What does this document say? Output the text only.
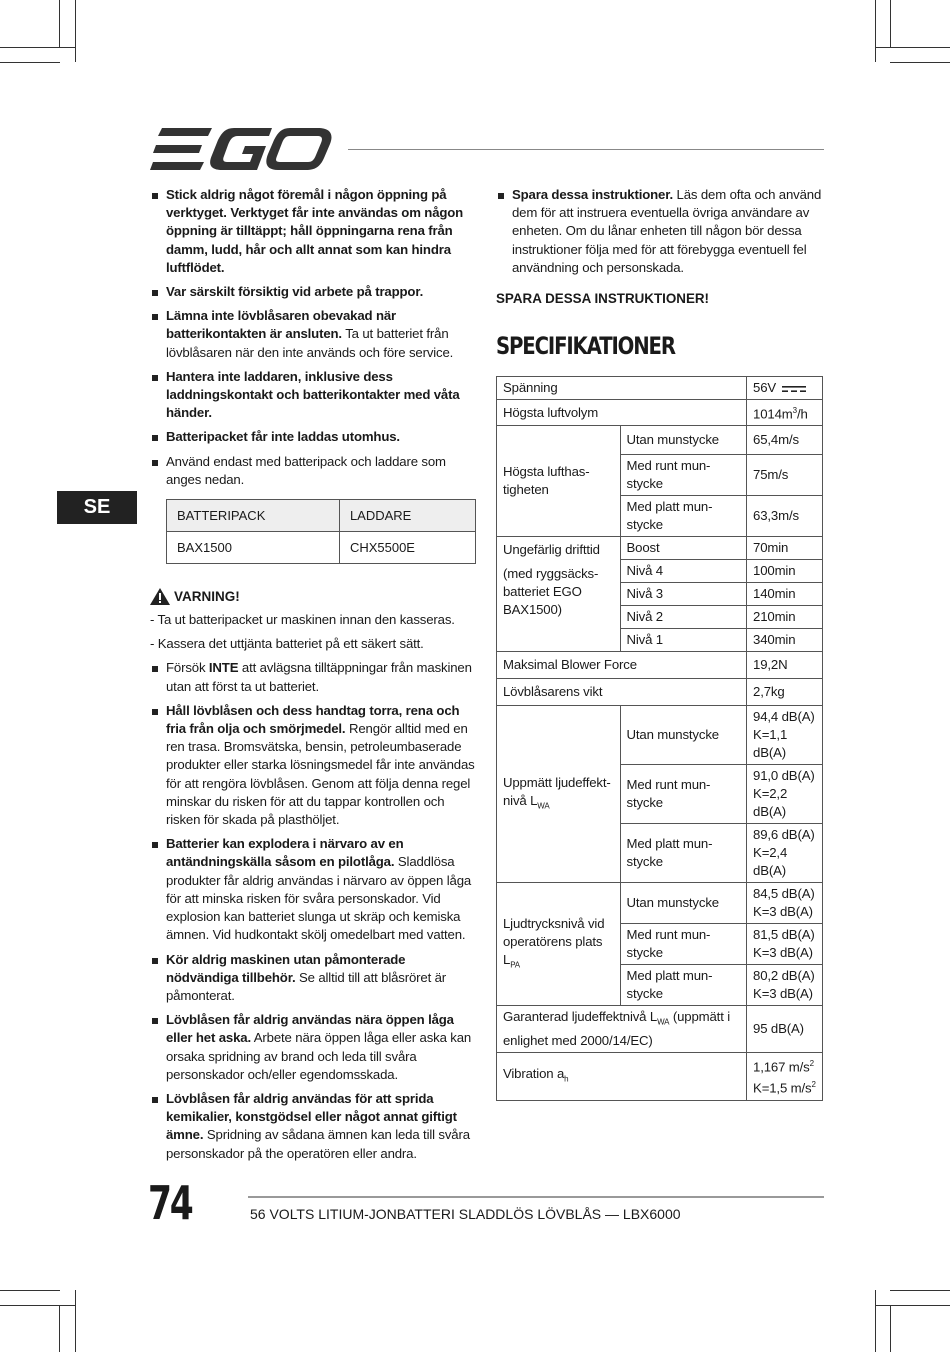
SE
Stick aldrig något föremål i någon öppning på verktyget. Verktyget får inte användas om någon öppning är tilltäppt; håll öppningarna rena från damm, ludd, hår och allt annat som kan hindra luftflödet.
Var särskilt försiktig vid arbete på trappor.
Lämna inte lövblåsaren obevakad när batterikontakten är ansluten. Ta ut batteriet från lövblåsaren när den inte används och före service.
Hantera inte laddaren, inklusive dess laddningskontakt och batterikontakter med våta händer.
Batteripacket får inte laddas utomhus.
Använd endast med batteripack och laddare som anges nedan.
BATTERIPACK	LADDARE
BAX1500	CHX5500E
VARNING!
- Ta ut batteripacket ur maskinen innan den kasseras.
- Kassera det uttjänta batteriet på ett säkert sätt.
Försök INTE att avlägsna tilltäppningar från maskinen utan att först ta ut batteriet.
Håll lövblåsen och dess handtag torra, rena och fria från olja och smörjmedel. Rengör alltid med en ren trasa. Bromsvätska, bensin, petroleumbaserade produkter eller starka lösningsmedel får inte användas för att rengöra lövblåsen. Genom att följa denna regel minskar du risken för att du tappar kontrollen och risken för skada på plasthöljet.
Batterier kan explodera i närvaro av en antändningskälla såsom en pilotlåga. Sladdlösa produkter får aldrig användas i närvaro av öppen låga för att minska risken för svåra personskador. Vid explosion kan batteriet slunga ut skräp och kemiska ämnen. Vid hudkontakt skölj omedelbart med vatten.
Kör aldrig maskinen utan påmonterade nödvändiga tillbehör. Se alltid till att blåsröret är påmonterat.
Lövblåsen får aldrig användas nära öppen låga eller het aska. Arbete nära öppen låga eller aska kan orsaka spridning av brand och leda till svåra personskador och/eller egendomsskada.
Lövblåsen får aldrig användas för att sprida kemikalier, konstgödsel eller något annat giftigt ämne. Spridning av sådana ämnen kan leda till svåra personskador på the operatören eller andra.
Spara dessa instruktioner. Läs dem ofta och använd dem för att instruera eventuella övriga användare av enheten. Om du lånar enheten till någon bör dessa instruktioner följa med för att förebygga eventuell fel användning och personskada.
SPARA DESSA INSTRUKTIONER!
SPECIFIKATIONER
Spänning		56V
Högsta luftvolym		$1014m^3/h$
Högsta lufthas-tigheten	Utan munstycke	65,4m/s
	Med runt mun-stycke	75m/s
	Med platt mun-stycke	63,3m/s

Ungefärlig drifttid
(med ryggsäcks-batteriet EGO BAX1500)	Boost	70min
	Nivå 4	100min
	Nivå 3	140min
	Nivå 2	210min
	Nivå 1	340min
Maksimal Blower Force		19,2N
Lövblåsarens vikt		2,7kg
Uppmätt ljudeffekt-nivå $L_{WA}$	Utan munstycke	94,4 dB(A)
K=1,1 dB(A)

	Med runt mun-stycke	91,0 dB(A)
K=2,2 dB(A)

	Med platt mun-stycke	89,6 dB(A)
K=2,4 dB(A)

Ljudtrycksnivå vid operatörens plats $L_{PA}$	Utan munstycke	84,5 dB(A)
K=3 dB(A)

	Med runt mun-stycke	81,5 dB(A)
K=3 dB(A)

	Med platt mun-stycke	80,2 dB(A)
K=3 dB(A)

Garanterad ljudeffektnivå $L_{WA}$ (uppmätt i enlighet med 2000/14/EC)		95 dB(A)
Vibration $a_h$		1,167 $m/s^2$
K=1,5 $m/s^2$
74	56 VOLTS LITIUM-JONBATTERI SLADDLÖS LÖVBLÅS — LBX6000
